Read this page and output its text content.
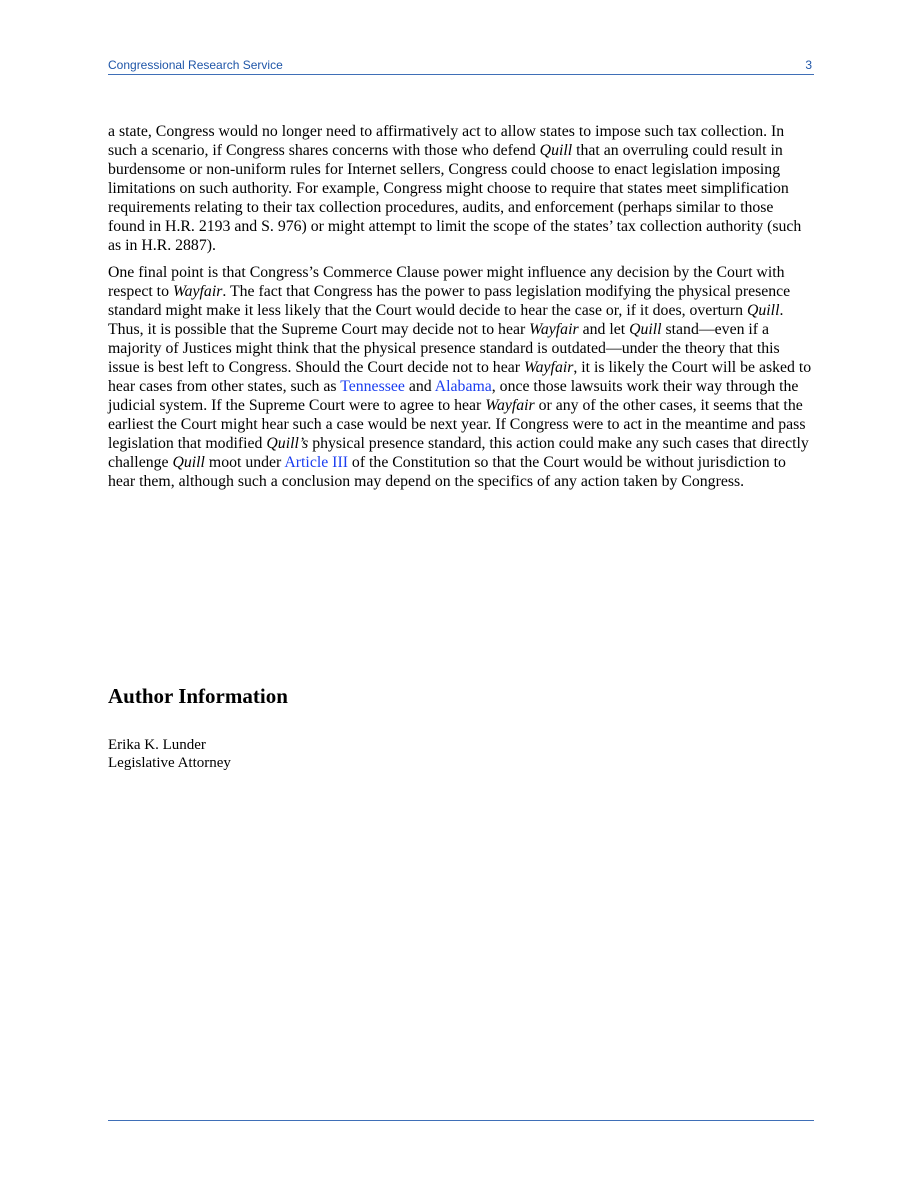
Congressional Research Service	3

a state, Congress would no longer need to affirmatively act to allow states to impose such tax collection. In such a scenario, if Congress shares concerns with those who defend Quill that an overruling could result in burdensome or non-uniform rules for Internet sellers, Congress could choose to enact legislation imposing limitations on such authority. For example, Congress might choose to require that states meet simplification requirements relating to their tax collection procedures, audits, and enforcement (perhaps similar to those found in H.R. 2193 and S. 976) or might attempt to limit the scope of the states’ tax collection authority (such as in H.R. 2887).

One final point is that Congress’s Commerce Clause power might influence any decision by the Court with respect to Wayfair. The fact that Congress has the power to pass legislation modifying the physical presence standard might make it less likely that the Court would decide to hear the case or, if it does, overturn Quill. Thus, it is possible that the Supreme Court may decide not to hear Wayfair and let Quill stand—even if a majority of Justices might think that the physical presence standard is outdated—under the theory that this issue is best left to Congress. Should the Court decide not to hear Wayfair, it is likely the Court will be asked to hear cases from other states, such as Tennessee and Alabama, once those lawsuits work their way through the judicial system. If the Supreme Court were to agree to hear Wayfair or any of the other cases, it seems that the earliest the Court might hear such a case would be next year. If Congress were to act in the meantime and pass legislation that modified Quill’s physical presence standard, this action could make any such cases that directly challenge Quill moot under Article III of the Constitution so that the Court would be without jurisdiction to hear them, although such a conclusion may depend on the specifics of any action taken by Congress.

Author Information
Erika K. Lunder
Legislative Attorney
